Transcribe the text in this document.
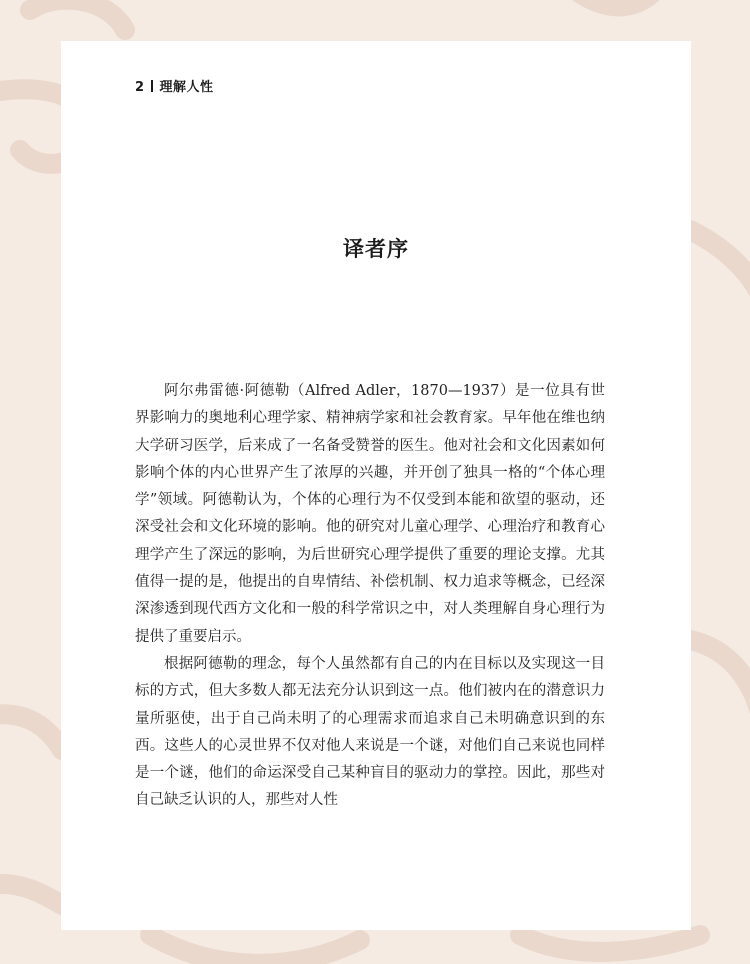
2 理解人性
译者序

阿尔弗雷德·阿德勒（Alfred Adler，1870—1937）是一位具有世界影响力的奥地利心理学家、精神病学家和社会教育家。早年他在维也纳大学研习医学，后来成了一名备受赞誉的医生。他对社会和文化因素如何影响个体的内心世界产生了浓厚的兴趣，并开创了独具一格的“个体心理学”领域。阿德勒认为，个体的心理行为不仅受到本能和欲望的驱动，还深受社会和文化环境的影响。他的研究对儿童心理学、心理治疗和教育心理学产生了深远的影响，为后世研究心理学提供了重要的理论支撑。尤其值得一提的是，他提出的自卑情结、补偿机制、权力追求等概念，已经深深渗透到现代西方文化和一般的科学常识之中，对人类理解自身心理行为提供了重要启示。

根据阿德勒的理念，每个人虽然都有自己的内在目标以及实现这一目标的方式，但大多数人都无法充分认识到这一点。他们被内在的潜意识力量所驱使，出于自己尚未明了的心理需求而追求自己未明确意识到的东西。这些人的心灵世界不仅对他人来说是一个谜，对他们自己来说也同样是一个谜，他们的命运深受自己某种盲目的驱动力的掌控。因此，那些对自己缺乏认识的人，那些对人性
